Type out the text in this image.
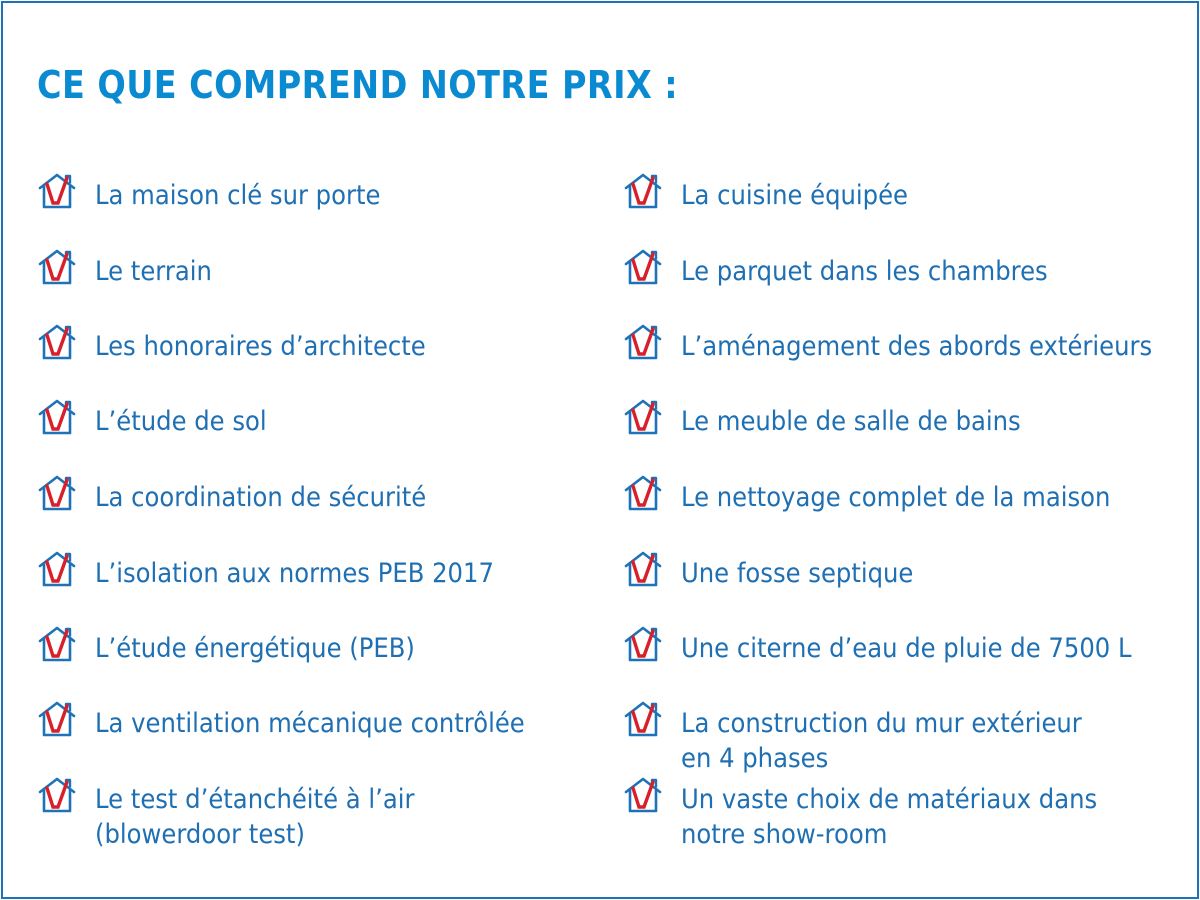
CE QUE COMPREND NOTRE PRIX :
La maison clé sur porte
Le terrain
Les honoraires d’architecte
L’étude de sol
La coordination de sécurité
L’isolation aux normes PEB 2017
L’étude énergétique (PEB)
La ventilation mécanique contrôlée
Le test d’étanchéité à l’air
(blowerdoor test)
La cuisine équipée
Le parquet dans les chambres
L’aménagement des abords extérieurs
Le meuble de salle de bains
Le nettoyage complet de la maison
Une fosse septique
Une citerne d’eau de pluie de 7500 L
La construction du mur extérieur
en 4 phases
Un vaste choix de matériaux dans
notre show-room
